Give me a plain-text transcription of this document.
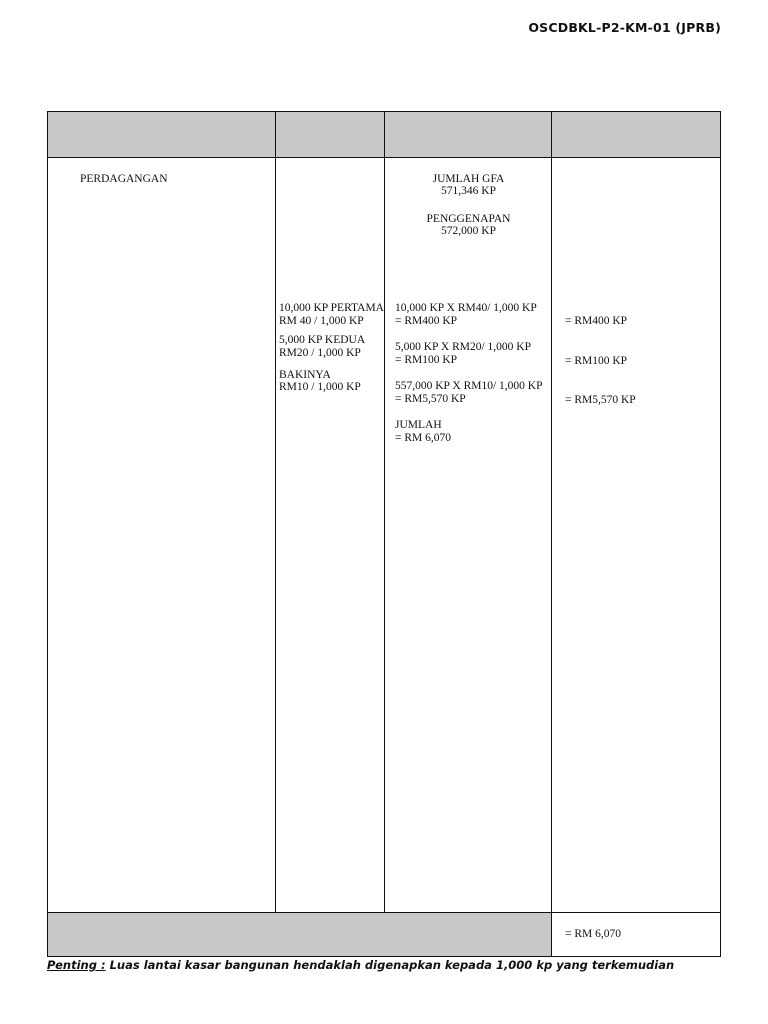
OSCDBKL-P2-KM-01 (JPRB)
PERDAGANGAN
10,000 KP PERTAMA
RM 40 / 1,000 KP
5,000 KP KEDUA
RM20 / 1,000 KP
BAKINYA
RM10 / 1,000 KP
JUMLAH GFA
571,346 KP
PENGGENAPAN
572,000 KP
10,000 KP X RM40/ 1,000 KP
= RM400 KP
5,000 KP X RM20/ 1,000 KP
= RM100 KP
557,000 KP X RM10/ 1,000 KP
= RM5,570 KP
JUMLAH
= RM 6,070
= RM400 KP
= RM100 KP
= RM5,570 KP
= RM 6,070
Penting : Luas lantai kasar bangunan hendaklah digenapkan kepada 1,000 kp yang terkemudian
